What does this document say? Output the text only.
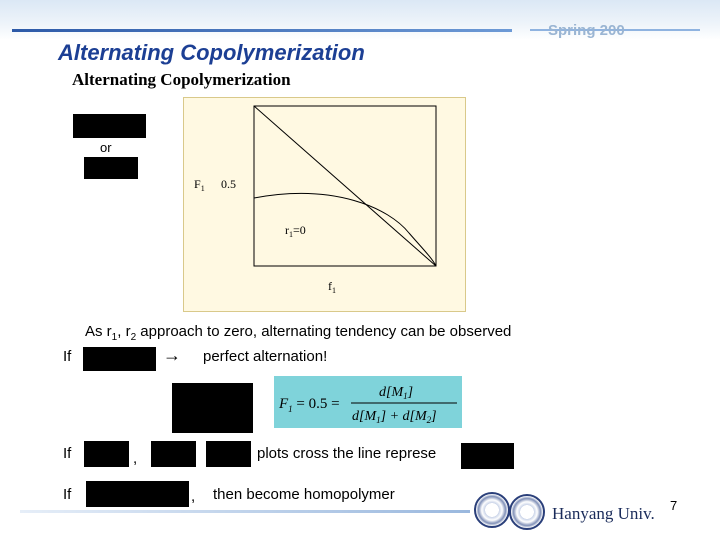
Spring 200
Alternating Copolymerization
Alternating Copolymerization
or
$F_1$ 0.5
$r_1=0$
$f_1$
As $r_1$, $r_2$ approach to zero, alternating tendency can be observed
If	→ perfect alternation!
$F_1 = 0.5$ =
$d[M_1]$
$d[M_1] + d[M_2]$
If	,	plots cross the line represe
If	, then become homopolymer
Hanyang Univ. 7
